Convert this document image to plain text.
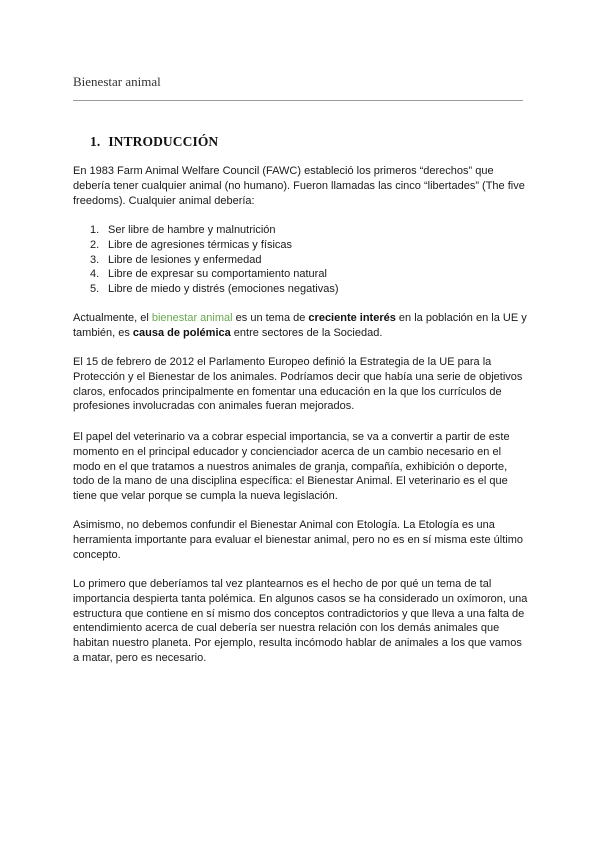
Bienestar animal
1. INTRODUCCIÓN

En 1983 Farm Animal Welfare Council (FAWC) estableció los primeros “derechos” que debería tener cualquier animal (no humano). Fueron llamadas las cinco “libertades” (The five freedoms). Cualquier animal debería:

1. Ser libre de hambre y malnutrición
2. Libre de agresiones térmicas y físicas
3. Libre de lesiones y enfermedad
4. Libre de expresar su comportamiento natural
5. Libre de miedo y distrés (emociones negativas)

Actualmente, el bienestar animal es un tema de creciente interés en la población en la UE y también, es causa de polémica entre sectores de la Sociedad.

El 15 de febrero de 2012 el Parlamento Europeo definió la Estrategia de la UE para la Protección y el Bienestar de los animales. Podríamos decir que había una serie de objetivos claros, enfocados principalmente en fomentar una educación en la que los currículos de profesiones involucradas con animales fueran mejorados.

El papel del veterinario va a cobrar especial importancia, se va a convertir a partir de este momento en el principal educador y concienciador acerca de un cambio necesario en el modo en el que tratamos a nuestros animales de granja, compañía, exhibición o deporte, todo de la mano de una disciplina específica: el Bienestar Animal. El veterinario es el que tiene que velar porque se cumpla la nueva legislación.

Asimismo, no debemos confundir el Bienestar Animal con Etología. La Etología es una herramienta importante para evaluar el bienestar animal, pero no es en sí misma este último concepto.

Lo primero que deberíamos tal vez plantearnos es el hecho de por qué un tema de tal importancia despierta tanta polémica. En algunos casos se ha considerado un oxímoron, una estructura que contiene en sí mismo dos conceptos contradictorios y que lleva a una falta de entendimiento acerca de cual debería ser nuestra relación con los demás animales que habitan nuestro planeta. Por ejemplo, resulta incómodo hablar de animales a los que vamos a matar, pero es necesario.
